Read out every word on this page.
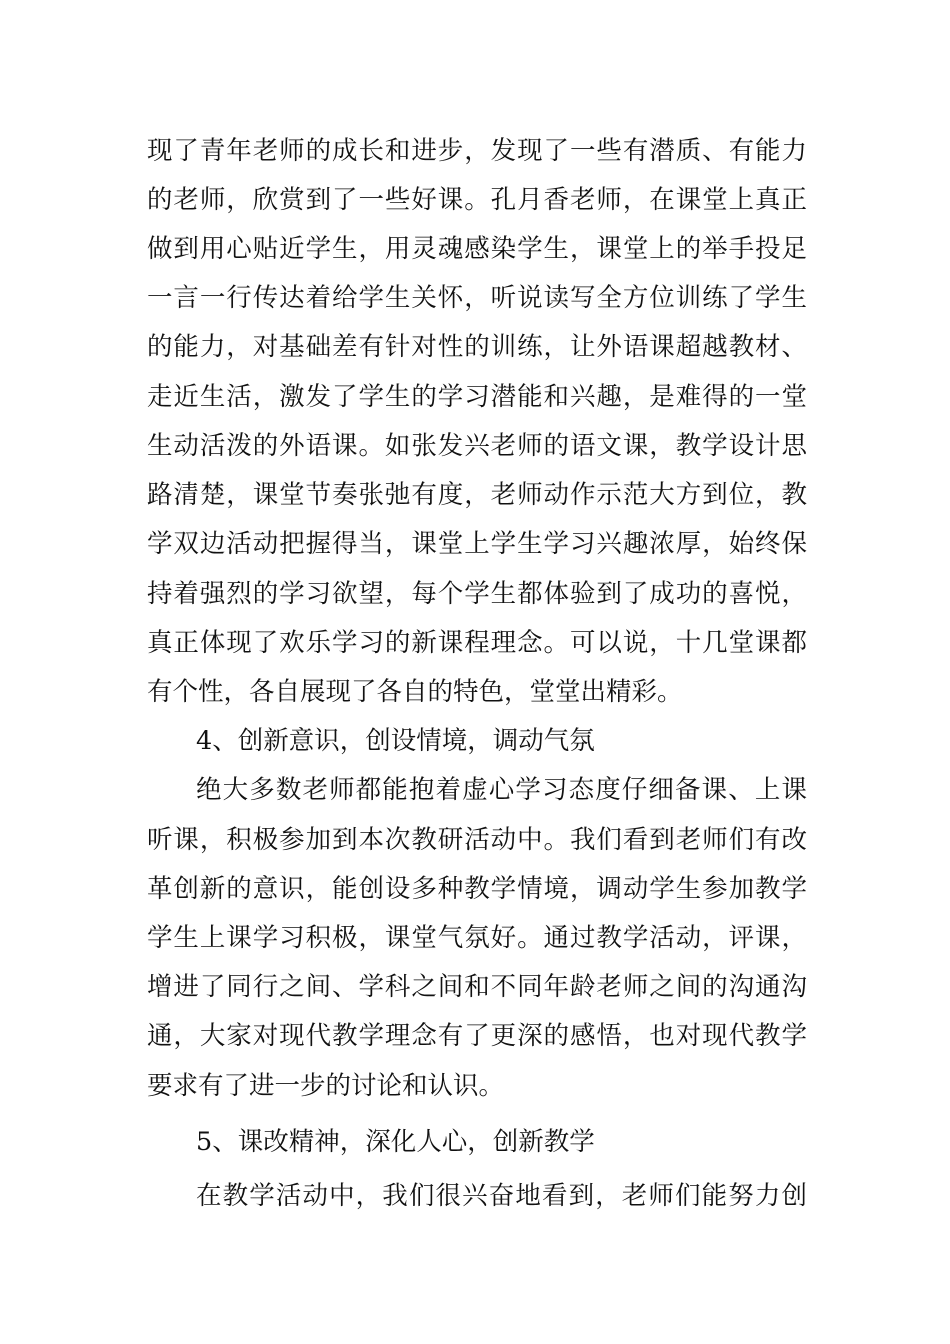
现了青年老师的成长和进步，发现了一些有潜质、有能力
的老师，欣赏到了一些好课。孔月香老师，在课堂上真正
做到用心贴近学生，用灵魂感染学生，课堂上的举手投足
一言一行传达着给学生关怀，听说读写全方位训练了学生
的能力，对基础差有针对性的训练，让外语课超越教材、
走近生活，激发了学生的学习潜能和兴趣，是难得的一堂
生动活泼的外语课。如张发兴老师的语文课，教学设计思
路清楚，课堂节奏张弛有度，老师动作示范大方到位，教
学双边活动把握得当，课堂上学生学习兴趣浓厚，始终保
持着强烈的学习欲望，每个学生都体验到了成功的喜悦，
真正体现了欢乐学习的新课程理念。可以说，十几堂课都
有个性，各自展现了各自的特色，堂堂出精彩。
4、创新意识，创设情境，调动气氛
绝大多数老师都能抱着虚心学习态度仔细备课、上课
听课，积极参加到本次教研活动中。我们看到老师们有改
革创新的意识，能创设多种教学情境，调动学生参加教学
学生上课学习积极，课堂气氛好。通过教学活动，评课，
增进了同行之间、学科之间和不同年龄老师之间的沟通沟
通，大家对现代教学理念有了更深的感悟，也对现代教学
要求有了进一步的讨论和认识。
5、课改精神，深化人心，创新教学
在教学活动中，我们很兴奋地看到，老师们能努力创
